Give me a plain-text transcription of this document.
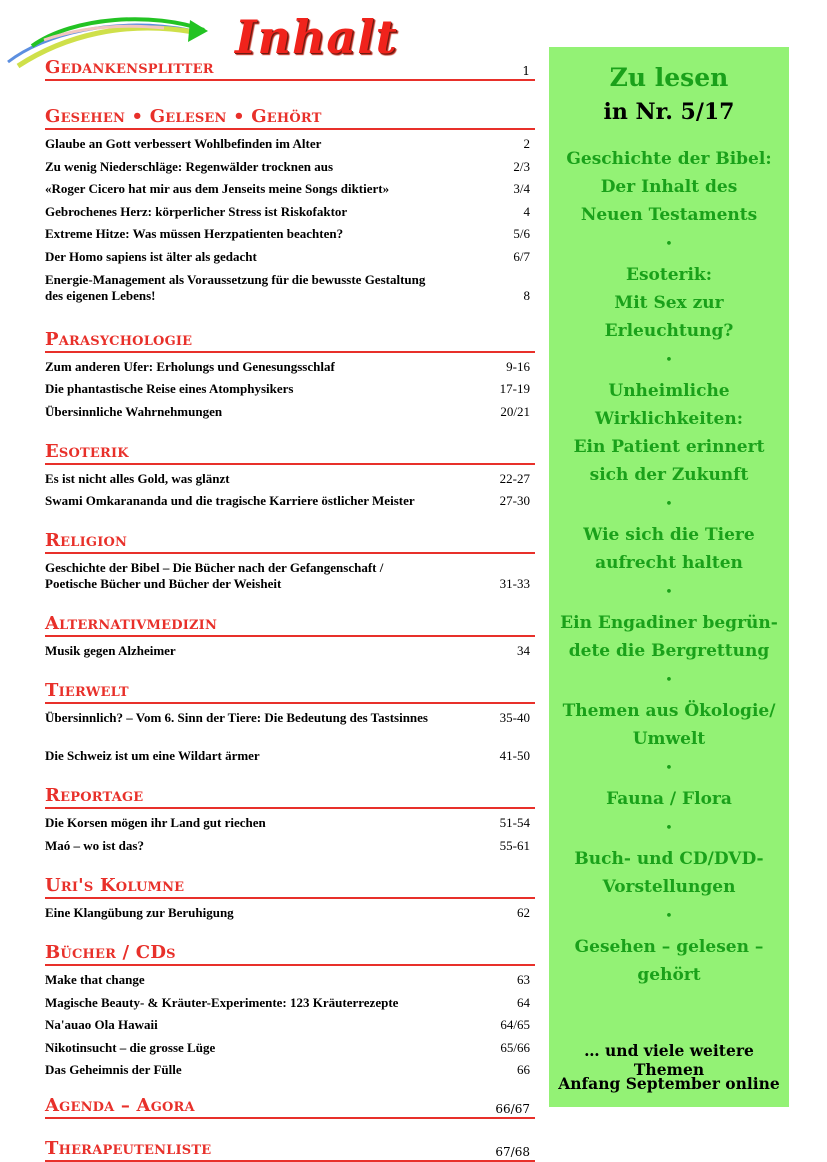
Inhalt
Gedankensplitter	1
Gesehen • Gelesen • Gehört
Glaube an Gott verbessert Wohlbefinden im Alter	2
Zu wenig Niederschläge: Regenwälder trocknen aus	2/3
«Roger Cicero hat mir aus dem Jenseits meine Songs diktiert»	3/4
Gebrochenes Herz: körperlicher Stress ist Riskofaktor	4
Extreme Hitze: Was müssen Herzpatienten beachten?	5/6
Der Homo sapiens ist älter als gedacht	6/7
Energie-Management als Voraussetzung für die bewusste Gestaltung
des eigenen Lebens!	8
Parasychologie
Zum anderen Ufer: Erholungs und Genesungsschlaf	9-16
Die phantastische Reise eines Atomphysikers	17-19
Übersinnliche Wahrnehmungen	20/21
Esoterik
Es ist nicht alles Gold, was glänzt	22-27
Swami Omkarananda und die tragische Karriere östlicher Meister	27-30
Religion
Geschichte der Bibel – Die Bücher nach der Gefangenschaft /
Poetische Bücher und Bücher der Weisheit	31-33
Alternativmedizin
Musik gegen Alzheimer	34
Tierwelt
Übersinnlich? – Vom 6. Sinn der Tiere: Die Bedeutung des Tastsinnes	35-40
Die Schweiz ist um eine Wildart ärmer	41-50
Reportage
Die Korsen mögen ihr Land gut riechen	51-54
Maó – wo ist das?	55-61
Uri's Kolumne
Eine Klangübung zur Beruhigung	62
Bücher / CDs
Make that change	63
Magische Beauty- & Kräuter-Experimente: 123 Kräuterrezepte	64
Na'auao Ola Hawaii	64/65
Nikotinsucht – die grosse Lüge	65/66
Das Geheimnis der Fülle	66
Agenda – Agora	66/67
Therapeutenliste	67/68
Zu lesen
in Nr. 5/17
Geschichte der Bibel:
Der Inhalt des
Neuen Testaments
•
Esoterik:
Mit Sex zur
Erleuchtung?
•
Unheimliche
Wirklichkeiten:
Ein Patient erinnert
sich der Zukunft
•
Wie sich die Tiere
aufrecht halten
•
Ein Engadiner begrün-
dete die Bergrettung
•
Themen aus Ökologie/
Umwelt
•
Fauna / Flora
•
Buch- und CD/DVD-
Vorstellungen
•
Gesehen – gelesen –
gehört
… und viele weitere Themen
Anfang September online
